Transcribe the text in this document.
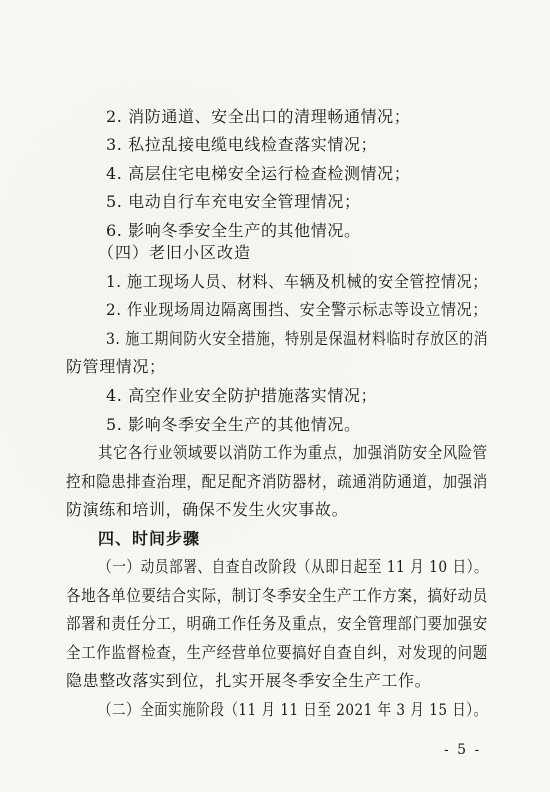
2. 消防通道、安全出口的清理畅通情况；
3. 私拉乱接电缆电线检查落实情况；
4. 高层住宅电梯安全运行检查检测情况；
5. 电动自行车充电安全管理情况；
6. 影响冬季安全生产的其他情况。
（四）老旧小区改造
1. 施工现场人员、材料、车辆及机械的安全管控情况；
2. 作业现场周边隔离围挡、安全警示标志等设立情况；
3. 施工期间防火安全措施，特别是保温材料临时存放区的消
防管理情况；
4. 高空作业安全防护措施落实情况；
5. 影响冬季安全生产的其他情况。
其它各行业领域要以消防工作为重点，加强消防安全风险管
控和隐患排查治理，配足配齐消防器材，疏通消防通道，加强消
防演练和培训，确保不发生火灾事故。
四、时间步骤
（一）动员部署、自查自改阶段（从即日起至 11 月 10 日）。
各地各单位要结合实际，制订冬季安全生产工作方案，搞好动员
部署和责任分工，明确工作任务及重点，安全管理部门要加强安
全工作监督检查，生产经营单位要搞好自查自纠，对发现的问题
隐患整改落实到位，扎实开展冬季安全生产工作。
（二）全面实施阶段（11 月 11 日至 2021 年 3 月 15 日）。
- 5 -
